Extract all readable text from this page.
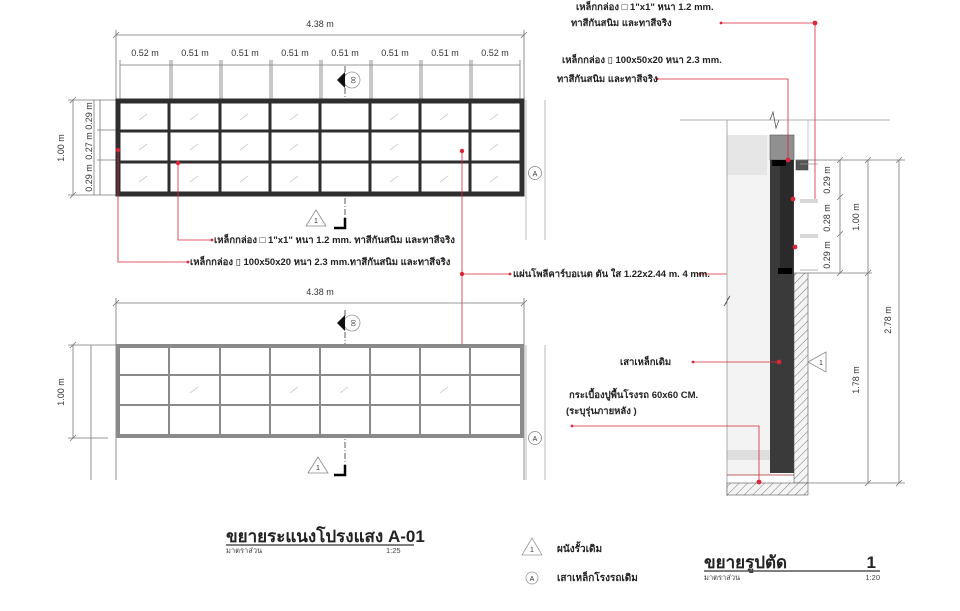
4.38 m
0.52 m 0.51 m 0.51 m 0.51 m 0.51 m 0.51 m 0.51 m 0.52 m
00
1.00 m
0.29 m
0.27 m
0.29 m	A
1
เหล็กกล่อง □ 1"x1" หนา 1.2 mm. ทาสีกันสนิม และทาสีจริง
เหล็กกล่อง ▯ 100x50x20 หนา 2.3 mm.ทาสีกันสนิม และทาสีจริง
แผ่นโพลีคาร์บอเนต ตัน ใส 1.22x2.44 m. 4 mm.
4.38 m
00
1.00 m
A
1
0.29 m
0.28 m
0.29 m
1.00 m
1.78 m
2.78 m
1
เหล็กกล่อง □ 1"x1" หนา 1.2 mm.
ทาสีกันสนิม และทาสีจริง
เหล็กกล่อง ▯ 100x50x20 หนา 2.3 mm.
ทาสีกันสนิม และทาสีจริง
เสาเหล็กเดิม
กระเบื้องปูพื้นโรงรถ 60x60 CM.
(ระบุรุ่นภายหลัง )
ขยายระแนงโปรงแสง A-01
มาตราส่วน	1:25
ขยายรูปตัด	1
มาตราส่วน	1:20
1 ผนังรั้วเดิม
A เสาเหล็กโรงรถเดิม
